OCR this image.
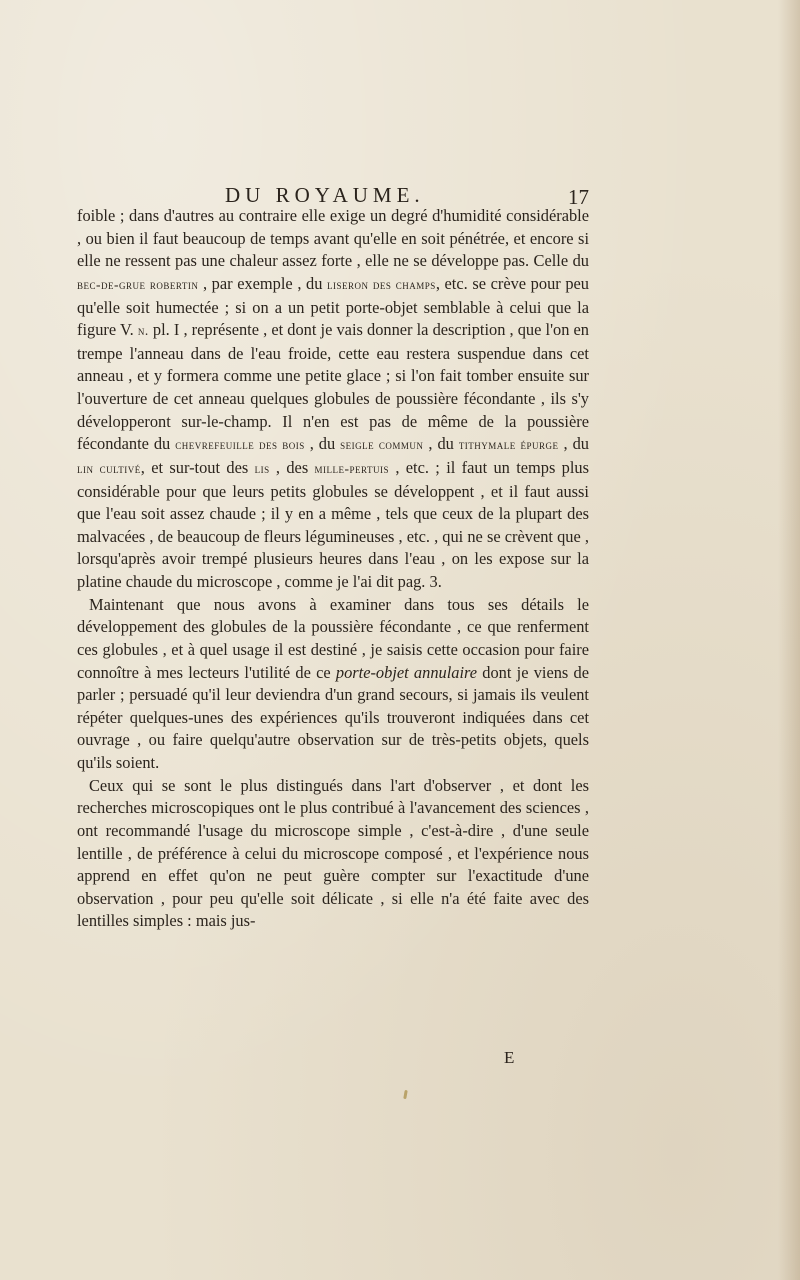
DU ROYAUME.	17

foible ; dans d'autres au contraire elle exige un degré d'humidité considérable , ou bien il faut beaucoup de temps avant qu'elle en soit pénétrée, et encore si elle ne ressent pas une chaleur assez forte , elle ne se développe pas. Celle du bec-de-grue robertin , par exemple , du liseron des champs, etc. se crève pour peu qu'elle soit humectée ; si on a un petit porte-objet semblable à celui que la figure V. n. pl. I , représente , et dont je vais donner la description , que l'on en trempe l'anneau dans de l'eau froide, cette eau restera suspendue dans cet anneau , et y formera comme une petite glace ; si l'on fait tomber ensuite sur l'ouverture de cet anneau quelques globules de poussière fécondante , ils s'y développeront sur-le-champ. Il n'en est pas de même de la poussière fécondante du chevrefeuille des bois , du seigle commun , du tithymale épurge , du lin cultivé, et sur-tout des lis , des mille-pertuis , etc. ; il faut un temps plus considérable pour que leurs petits globules se développent , et il faut aussi que l'eau soit assez chaude ; il y en a même , tels que ceux de la plupart des malvacées , de beaucoup de fleurs légumineuses , etc. , qui ne se crèvent que , lorsqu'après avoir trempé plusieurs heures dans l'eau , on les expose sur la platine chaude du microscope , comme je l'ai dit pag. 3.

Maintenant que nous avons à examiner dans tous ses détails le développement des globules de la poussière fécondante , ce que renferment ces globules , et à quel usage il est destiné , je saisis cette occasion pour faire connoître à mes lecteurs l'utilité de ce porte-objet annulaire dont je viens de parler ; persuadé qu'il leur deviendra d'un grand secours, si jamais ils veulent répéter quelques-unes des expériences qu'ils trouveront indiquées dans cet ouvrage , ou faire quelqu'autre observation sur de très-petits objets, quels qu'ils soient.

Ceux qui se sont le plus distingués dans l'art d'observer , et dont les recherches microscopiques ont le plus contribué à l'avancement des sciences , ont recommandé l'usage du microscope simple , c'est-à-dire , d'une seule lentille , de préférence à celui du microscope composé , et l'expérience nous apprend en effet qu'on ne peut guère compter sur l'exactitude d'une observation , pour peu qu'elle soit délicate , si elle n'a été faite avec des lentilles simples : mais jus-

E
